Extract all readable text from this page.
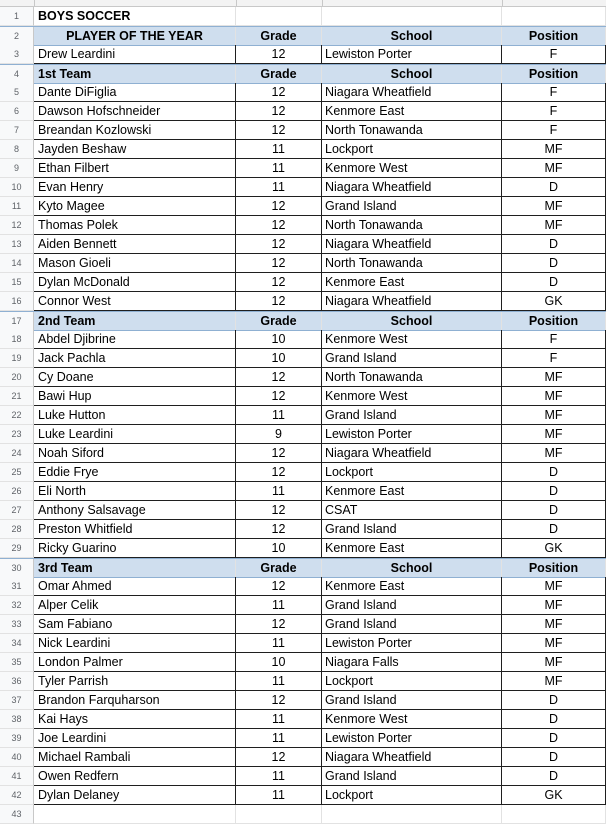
1	BOYS SOCCER
2	PLAYER OF THE YEAR	Grade	School	Position
3	Drew Leardini	12	Lewiston Porter	F
4	1st Team	Grade	School	Position
5	Dante DiFiglia	12	Niagara Wheatfield	F
6	Dawson Hofschneider	12	Kenmore East	F
7	Breandan Kozlowski	12	North Tonawanda	F
8	Jayden Beshaw	11	Lockport	MF
9	Ethan Filbert	11	Kenmore West	MF
10	Evan Henry	11	Niagara Wheatfield	D
11	Kyto Magee	12	Grand Island	MF
12	Thomas Polek	12	North Tonawanda	MF
13	Aiden Bennett	12	Niagara Wheatfield	D
14	Mason Gioeli	12	North Tonawanda	D
15	Dylan McDonald	12	Kenmore East	D
16	Connor West	12	Niagara Wheatfield	GK
17	2nd Team	Grade	School	Position
18	Abdel Djibrine	10	Kenmore West	F
19	Jack Pachla	10	Grand Island	F
20	Cy Doane	12	North Tonawanda	MF
21	Bawi Hup	12	Kenmore West	MF
22	Luke Hutton	11	Grand Island	MF
23	Luke Leardini	9	Lewiston Porter	MF
24	Noah Siford	12	Niagara Wheatfield	MF
25	Eddie Frye	12	Lockport	D
26	Eli North	11	Kenmore East	D
27	Anthony Salsavage	12	CSAT	D
28	Preston Whitfield	12	Grand Island	D
29	Ricky Guarino	10	Kenmore East	GK
30	3rd Team	Grade	School	Position
31	Omar Ahmed	12	Kenmore East	MF
32	Alper Celik	11	Grand Island	MF
33	Sam Fabiano	12	Grand Island	MF
34	Nick Leardini	11	Lewiston Porter	MF
35	London Palmer	10	Niagara Falls	MF
36	Tyler Parrish	11	Lockport	MF
37	Brandon Farquharson	12	Grand Island	D
38	Kai Hays	11	Kenmore West	D
39	Joe Leardini	11	Lewiston Porter	D
40	Michael Rambali	12	Niagara Wheatfield	D
41	Owen Redfern	11	Grand Island	D
42	Dylan Delaney	11	Lockport	GK
43
